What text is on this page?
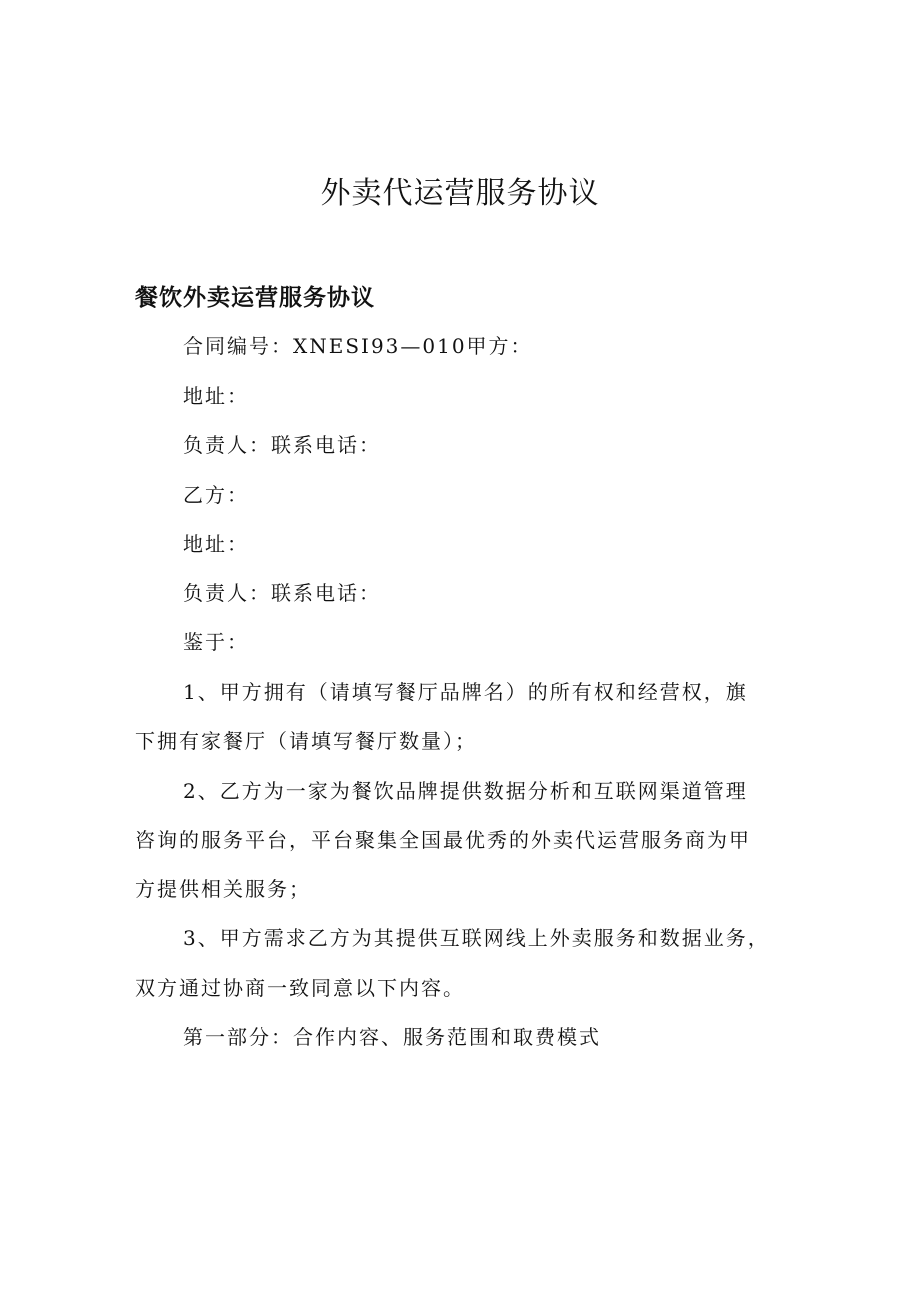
外卖代运营服务协议
餐饮外卖运营服务协议
合同编号：XNESI93—010甲方：
地址：
负责人：联系电话：
乙方：
地址：
负责人：联系电话：
鉴于：
1、甲方拥有（请填写餐厅品牌名）的所有权和经营权，旗
下拥有家餐厅（请填写餐厅数量）；
2、乙方为一家为餐饮品牌提供数据分析和互联网渠道管理
咨询的服务平台，平台聚集全国最优秀的外卖代运营服务商为甲
方提供相关服务；
3、甲方需求乙方为其提供互联网线上外卖服务和数据业务，
双方通过协商一致同意以下内容。
第一部分：合作内容、服务范围和取费模式
